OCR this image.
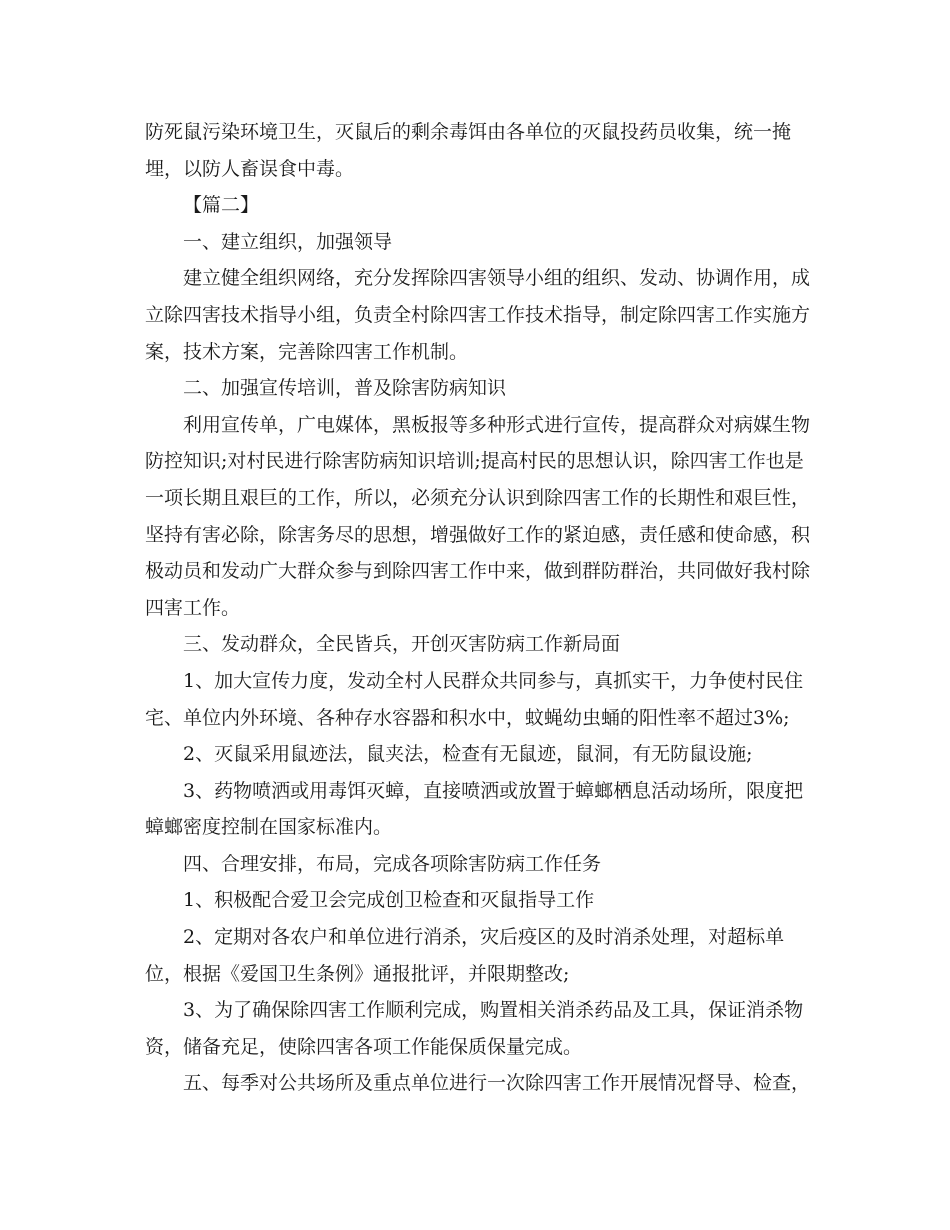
防死鼠污染环境卫生，灭鼠后的剩余毒饵由各单位的灭鼠投药员收集，统一掩埋，以防人畜误食中毒。

【篇二】

一、建立组织，加强领导

建立健全组织网络，充分发挥除四害领导小组的组织、发动、协调作用，成立除四害技术指导小组，负责全村除四害工作技术指导，制定除四害工作实施方案，技术方案，完善除四害工作机制。

二、加强宣传培训，普及除害防病知识

利用宣传单，广电媒体，黑板报等多种形式进行宣传，提高群众对病媒生物防控知识;对村民进行除害防病知识培训;提高村民的思想认识，除四害工作也是一项长期且艰巨的工作，所以，必须充分认识到除四害工作的长期性和艰巨性，坚持有害必除，除害务尽的思想，增强做好工作的紧迫感，责任感和使命感，积极动员和发动广大群众参与到除四害工作中来，做到群防群治，共同做好我村除四害工作。

三、发动群众，全民皆兵，开创灭害防病工作新局面

1、加大宣传力度，发动全村人民群众共同参与，真抓实干，力争使村民住宅、单位内外环境、各种存水容器和积水中，蚊蝇幼虫蛹的阳性率不超过3%;

2、灭鼠采用鼠迹法，鼠夹法，检查有无鼠迹，鼠洞，有无防鼠设施;

3、药物喷洒或用毒饵灭蟑，直接喷洒或放置于蟑螂栖息活动场所，限度把蟑螂密度控制在国家标准内。

四、合理安排，布局，完成各项除害防病工作任务

1、积极配合爱卫会完成创卫检查和灭鼠指导工作

2、定期对各农户和单位进行消杀，灾后疫区的及时消杀处理，对超标单位，根据《爱国卫生条例》通报批评，并限期整改;

3、为了确保除四害工作顺利完成，购置相关消杀药品及工具，保证消杀物资，储备充足，使除四害各项工作能保质保量完成。

五、每季对公共场所及重点单位进行一次除四害工作开展情况督导、检查，
